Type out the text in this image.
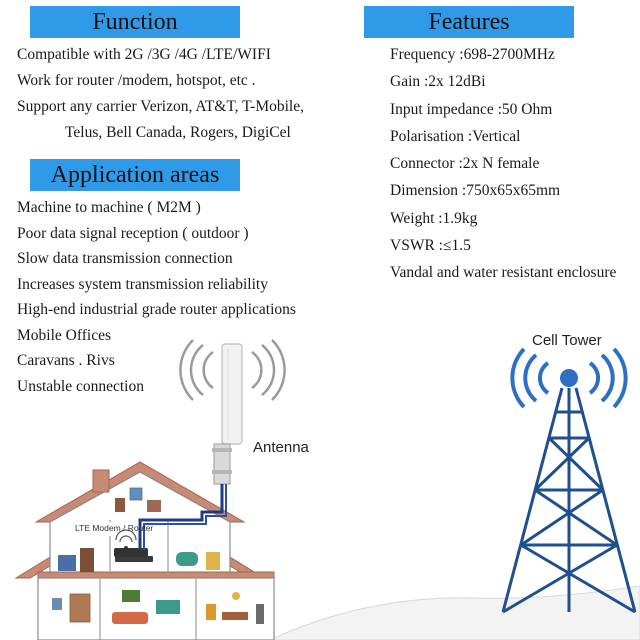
Function	Features
Application areas
Compatible with 2G /3G /4G /LTE/WIFI
Work for router /modem, hotspot, etc .
Support any carrier Verizon, AT&T, T-Mobile,
Telus, Bell Canada, Rogers, DigiCel
Frequency :698-2700MHz
Gain :2x 12dBi
Input impedance :50 Ohm
Polarisation :Vertical
Connector :2x N female
Dimension :750x65x65mm
Weight :1.9kg
VSWR :≤1.5
Vandal and water resistant enclosure
Machine to machine ( M2M )
Poor data signal reception ( outdoor )
Slow data transmission connection
Increases system transmission reliability
High-end industrial grade router applications
Mobile Offices
Caravans . Rivs
Unstable connection
Antenna
Cell Tower
LTE Modem / Router
